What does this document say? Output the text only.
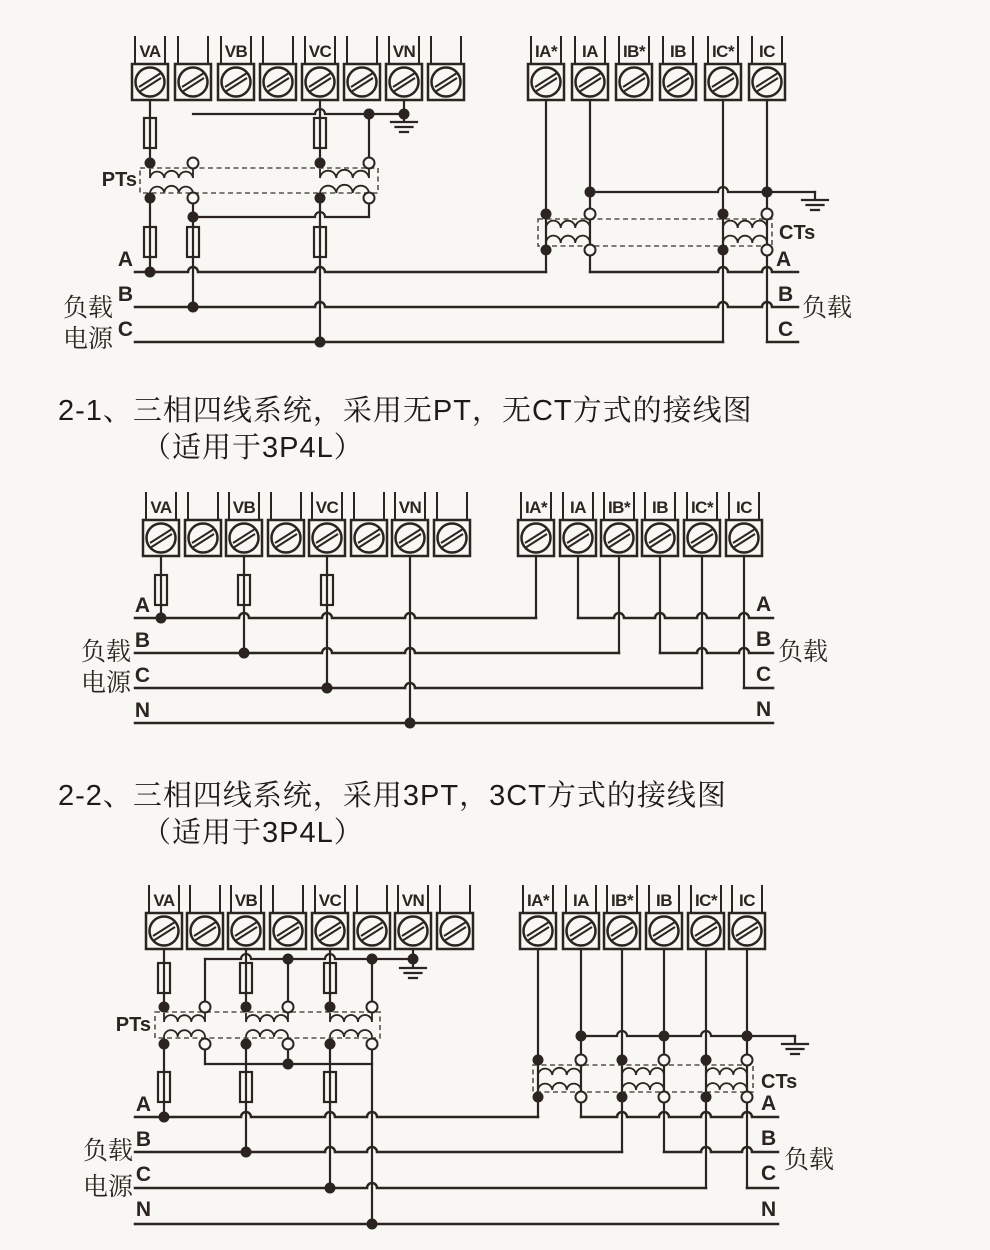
VA	VB	VC	VN	IA* IA IB* IB IC* IC
PTs
CTs
A
B
C
负载
电源
A
B
C
负载
VA	VB	VC	VN	IA* IA IB* IB IC* IC
A
B
C
N
负载
电源
A
B
C
N
负载
VA	VB	VC	VN	IA* IA IB* IB IC* IC
PTs
CTs
A
B
C
N
负载
电源
A
B
C
N
负载
2-1、三相四线系统，采用无PT，无CT方式的接线图
（适用于3P4L）
2-2、三相四线系统，采用3PT，3CT方式的接线图
（适用于3P4L）
